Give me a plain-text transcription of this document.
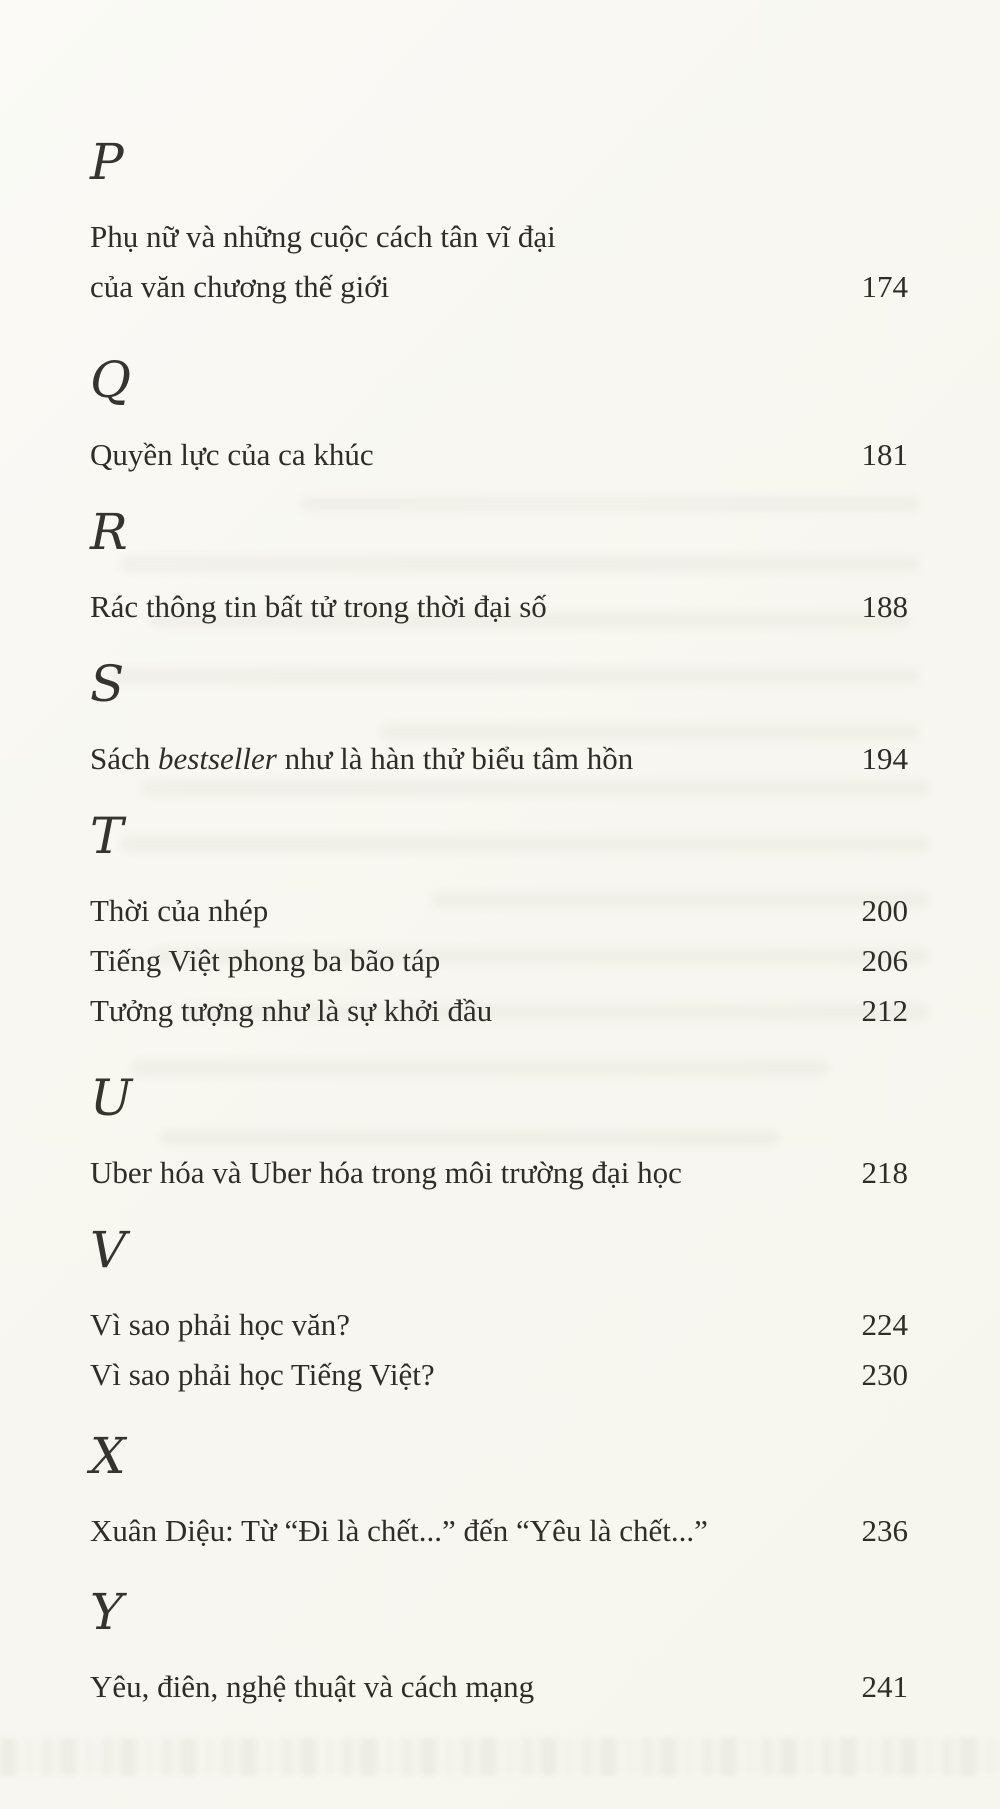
P
Phụ nữ và những cuộc cách tân vĩ đại
của văn chương thế giới	174
Q
Quyền lực của ca khúc	181
R
Rác thông tin bất tử trong thời đại số	188
S
Sách bestseller như là hàn thử biểu tâm hồn	194
T
Thời của nhép	200
Tiếng Việt phong ba bão táp	206
Tưởng tượng như là sự khởi đầu	212
U
Uber hóa và Uber hóa trong môi trường đại học	218
V
Vì sao phải học văn?	224
Vì sao phải học Tiếng Việt?	230
X
Xuân Diệu: Từ “Đi là chết...” đến “Yêu là chết...”	236
Y
Yêu, điên, nghệ thuật và cách mạng	241
